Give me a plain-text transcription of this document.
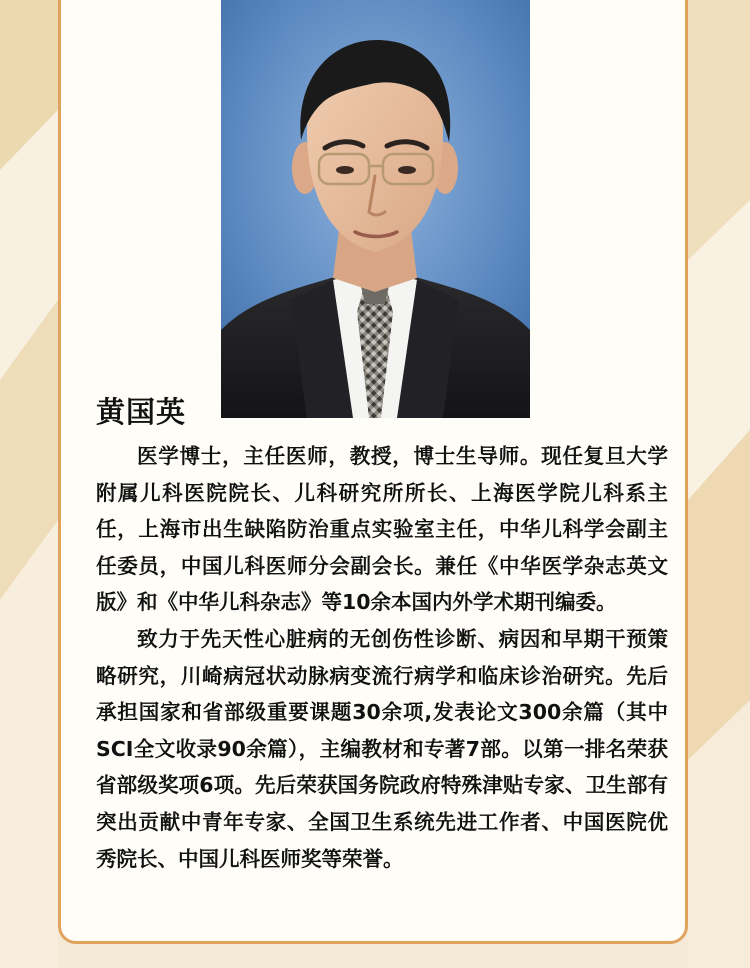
黄国英

医学博士，主任医师，教授，博士生导师。现任复旦大学附属儿科医院院长、儿科研究所所长、上海医学院儿科系主任，上海市出生缺陷防治重点实验室主任，中华儿科学会副主任委员，中国儿科医师分会副会长。兼任《中华医学杂志英文版》和《中华儿科杂志》等10余本国内外学术期刊编委。

致力于先天性心脏病的无创伤性诊断、病因和早期干预策略研究，川崎病冠状动脉病变流行病学和临床诊治研究。先后承担国家和省部级重要课题30余项,发表论文300余篇（其中SCI全文收录90余篇），主编教材和专著7部。以第一排名荣获省部级奖项6项。先后荣获国务院政府特殊津贴专家、卫生部有突出贡献中青年专家、全国卫生系统先进工作者、中国医院优秀院长、中国儿科医师奖等荣誉。
